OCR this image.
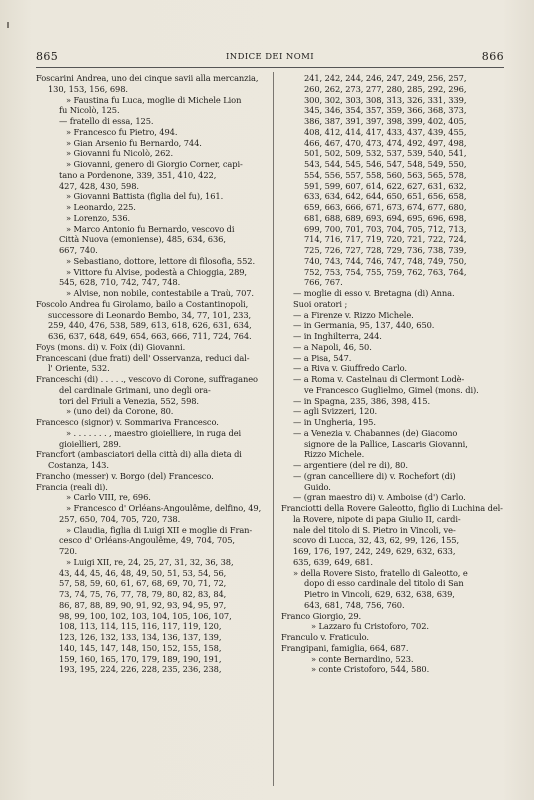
865	INDICE DEI NOMI	866
Foscarini Andrea, uno dei cinque savii alla mercanzia,
130, 153, 156, 698.
» Faustina fu Luca, moglie di Michele Lion
fu Nicolò, 125.
— fratello di essa, 125.
» Francesco fu Pietro, 494.
» Gian Arsenio fu Bernardo, 744.
» Giovanni fu Nicolò, 262.
» Giovanni, genero di Giorgio Corner, capi-
tano a Pordenone, 339, 351, 410, 422,
427, 428, 430, 598.
» Giovanni Battista (figlia del fu), 161.
» Leonardo, 225.
» Lorenzo, 536.
» Marco Antonio fu Bernardo, vescovo di
Città Nuova (emoniense), 485, 634, 636,
667, 740.
» Sebastiano, dottore, lettore di filosofia, 552.
» Vittore fu Alvise, podestà a Chioggia, 289,
545, 628, 710, 742, 747, 748.
» Alvise, non nobile, contestabile a Traù, 707.
Foscolo Andrea fu Girolamo, bailo a Costantinopoli,
successore di Leonardo Bembo, 34, 77, 101, 233,
259, 440, 476, 538, 589, 613, 618, 626, 631, 634,
636, 637, 648, 649, 654, 663, 666, 711, 724, 764.
Foys (mons. di) v. Foix (di) Giovanni.
Francescani (due frati) dell' Osservanza, reduci dal-
l' Oriente, 532.
Franceschi (di) . . . . ., vescovo di Corone, suffraganeo
del cardinale Grimani, uno degli ora-
tori del Friuli a Venezia, 552, 598.
» (uno dei) da Corone, 80.
Francesco (signor) v. Sommariva Francesco.
» . . . . . . . , maestro gioielliere, in ruga dei
gioiellieri, 289.
Francfort (ambasciatori della città di) alla dieta di
Costanza, 143.
Francho (messer) v. Borgo (del) Francesco.
Francia (reali di).
» Carlo VIII, re, 696.
» Francesco d' Orléans-Angoulême, delfino, 49,
257, 650, 704, 705, 720, 738.
» Claudia, figlia di Luigi XII e moglie di Fran-
cesco d' Orléans-Angoulême, 49, 704, 705,
720.
» Luigi XII, re, 24, 25, 27, 31, 32, 36, 38,
43, 44, 45, 46, 48, 49, 50, 51, 53, 54, 56,
57, 58, 59, 60, 61, 67, 68, 69, 70, 71, 72,
73, 74, 75, 76, 77, 78, 79, 80, 82, 83, 84,
86, 87, 88, 89, 90, 91, 92, 93, 94, 95, 97,
98, 99, 100, 102, 103, 104, 105, 106, 107,
108, 113, 114, 115, 116, 117, 119, 120,
123, 126, 132, 133, 134, 136, 137, 139,
140, 145, 147, 148, 150, 152, 155, 158,
159, 160, 165, 170, 179, 189, 190, 191,
193, 195, 224, 226, 228, 235, 236, 238,
241, 242, 244, 246, 247, 249, 256, 257,
260, 262, 273, 277, 280, 285, 292, 296,
300, 302, 303, 308, 313, 326, 331, 339,
345, 346, 354, 357, 359, 366, 368, 373,
386, 387, 391, 397, 398, 399, 402, 405,
408, 412, 414, 417, 433, 437, 439, 455,
466, 467, 470, 473, 474, 492, 497, 498,
501, 502, 509, 532, 537, 539, 540, 541,
543, 544, 545, 546, 547, 548, 549, 550,
554, 556, 557, 558, 560, 563, 565, 578,
591, 599, 607, 614, 622, 627, 631, 632,
633, 634, 642, 644, 650, 651, 656, 658,
659, 663, 666, 671, 673, 674, 677, 680,
681, 688, 689, 693, 694, 695, 696, 698,
699, 700, 701, 703, 704, 705, 712, 713,
714, 716, 717, 719, 720, 721, 722, 724,
725, 726, 727, 728, 729, 736, 738, 739,
740, 743, 744, 746, 747, 748, 749, 750,
752, 753, 754, 755, 759, 762, 763, 764,
766, 767.
— moglie di esso v. Bretagna (di) Anna.
Suoi oratori ;
— a Firenze v. Rizzo Michele.
— in Germania, 95, 137, 440, 650.
— in Inghilterra, 244.
— a Napoli, 46, 50.
— a Pisa, 547.
— a Riva v. Giuffredo Carlo.
— a Roma v. Castelnau di Clermont Lodè-
ve Francesco Guglielmo, Gimel (mons. di).
— in Spagna, 235, 386, 398, 415.
— agli Svizzeri, 120.
— in Ungheria, 195.
— a Venezia v. Chabannes (de) Giacomo
signore de la Pallice, Lascaris Giovanni,
Rizzo Michele.
— argentiere (del re di), 80.
— (gran cancelliere di) v. Rochefort (di)
Guido.
— (gran maestro di) v. Amboise (d') Carlo.
Franciotti della Rovere Galeotto, figlio di Luchina del-
la Rovere, nipote di papa Giulio II, cardi-
nale del titolo di S. Pietro in Vincoli, ve-
scovo di Lucca, 32, 43, 62, 99, 126, 155,
169, 176, 197, 242, 249, 629, 632, 633,
635, 639, 649, 681.
» della Rovere Sisto, fratello di Galeotto, e
dopo di esso cardinale del titolo di San
Pietro in Vincoli, 629, 632, 638, 639,
643, 681, 748, 756, 760.
Franco Giorgio, 29.
» Lazzaro fu Cristoforo, 702.
Franculo v. Fraticulo.
Frangipani, famiglia, 664, 687.
» conte Bernardino, 523.
» conte Cristoforo, 544, 580.
